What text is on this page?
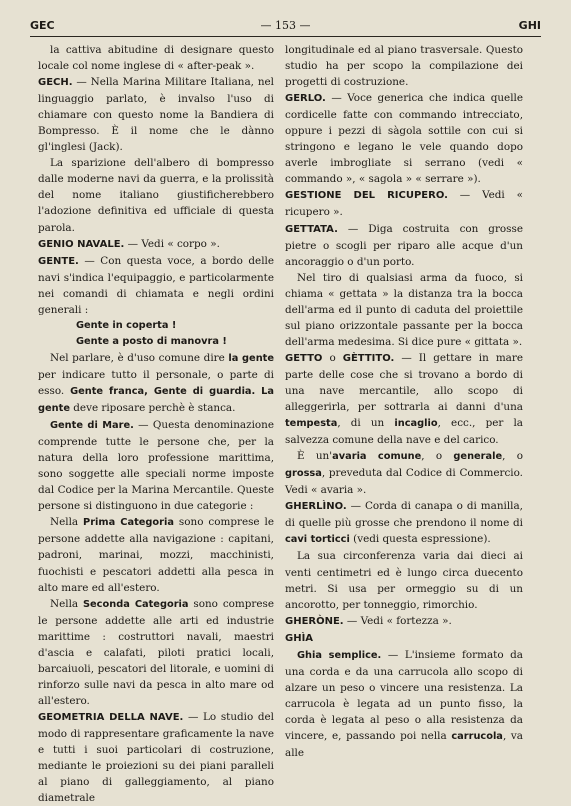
GEC	— 153 —	GHI

la cattiva abitudine di designare questo locale col nome inglese di « after-peak ».

GECH. — Nella Marina Militare Italiana, nel linguaggio parlato, è invalso l'uso di chiamare con questo nome la Bandiera di Bompresso. È il nome che le dànno gl'inglesi (Jack).

La sparizione dell'albero di bompresso dalle moderne navi da guerra, e la prolissità del nome italiano giustificherebbero l'adozione definitiva ed ufficiale di questa parola.

GENIO NAVALE. — Vedi « corpo ».

GENTE. — Con questa voce, a bordo delle navi s'indica l'equipaggio, e particolarmente nei comandi di chiamata e negli ordini generali :

Gente in coperta !

Gente a posto di manovra !

Nel parlare, è d'uso comune dire la gente per indicare tutto il personale, o parte di esso. Gente franca, Gente di guardia. La gente deve riposare perchè è stanca.

Gente di Mare. — Questa denominazione comprende tutte le persone che, per la natura della loro professione marittima, sono soggette alle speciali norme imposte dal Codice per la Marina Mercantile. Queste persone si distinguono in due categorie :

Nella Prima Categoria sono comprese le persone addette alla navigazione : capitani, padroni, marinai, mozzi, macchinisti, fuochisti e pescatori addetti alla pesca in alto mare ed all'estero.

Nella Seconda Categoria sono comprese le persone addette alle arti ed industrie marittime : costruttori navali, maestri d'ascia e calafati, piloti pratici locali, barcaiuoli, pescatori del litorale, e uomini di rinforzo sulle navi da pesca in alto mare od all'estero.

GEOMETRIA DELLA NAVE. — Lo studio del modo di rappresentare graficamente la nave e tutti i suoi particolari di costruzione, mediante le proiezioni su dei piani paralleli al piano di galleggiamento, al piano diametrale

longitudinale ed al piano trasversale. Questo studio ha per scopo la compilazione dei progetti di costruzione.

GERLO. — Voce generica che indica quelle cordicelle fatte con commando intrecciato, oppure i pezzi di sàgola sottile con cui si stringono e legano le vele quando dopo averle imbrogliate si serrano (vedi « commando », « sagola » « serrare »).

GESTIONE DEL RICUPERO. — Vedi « ricupero ».

GETTATA. — Diga costruita con grosse pietre o scogli per riparo alle acque d'un ancoraggio o d'un porto.

Nel tiro di qualsiasi arma da fuoco, si chiama « gettata » la distanza tra la bocca dell'arma ed il punto di caduta del proiettile sul piano orizzontale passante per la bocca dell'arma medesima. Si dice pure « gittata ».

GETTO o GÈTTITO. — Il gettare in mare parte delle cose che si trovano a bordo di una nave mercantile, allo scopo di alleggerirla, per sottrarla ai danni d'una tempesta, di un incaglio, ecc., per la salvezza comune della nave e del carico.

È un'avaria comune, o generale, o grossa, preveduta dal Codice di Commercio. Vedi « avaria ».

GHERLÌNO. — Corda di canapa o di manilla, di quelle più grosse che prendono il nome di cavi torticci (vedi questa espressione).

La sua circonferenza varia dai dieci ai venti centimetri ed è lungo circa duecento metri. Si usa per ormeggio su di un ancorotto, per tonneggio, rimorchio.

GHERÒNE. — Vedi « fortezza ».

GHÌA

Ghia semplice. — L'insieme formato da una corda e da una carrucola allo scopo di alzare un peso o vincere una resistenza. La carrucola è legata ad un punto fisso, la corda è legata al peso o alla resistenza da vincere, e, passando poi nella carrucola, va alle
